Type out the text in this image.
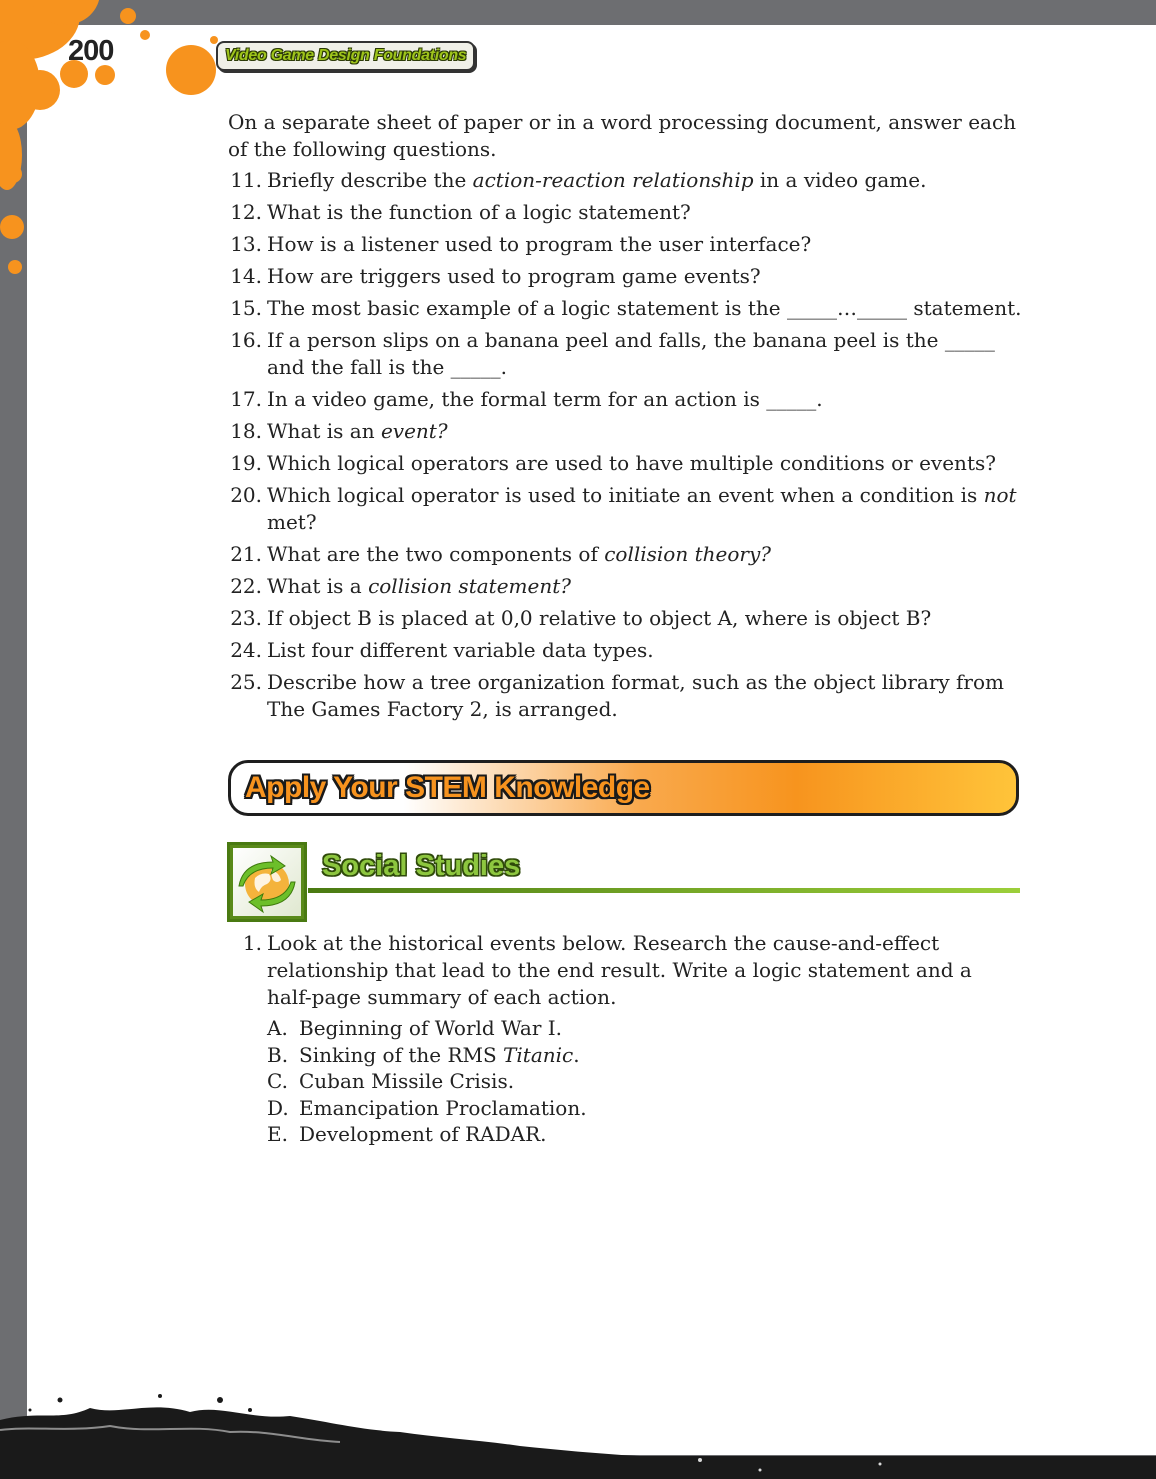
200	Video Game Design Foundations
On a separate sheet of paper or in a word processing document, answer each of the following questions.
11. Briefly describe the action-reaction relationship in a video game.
12. What is the function of a logic statement?
13. How is a listener used to program the user interface?
14. How are triggers used to program game events?
15. The most basic example of a logic statement is the _____…_____ statement.
16. If a person slips on a banana peel and falls, the banana peel is the _____ and the fall is the _____.
17. In a video game, the formal term for an action is _____.
18. What is an event?
19. Which logical operators are used to have multiple conditions or events?
20. Which logical operator is used to initiate an event when a condition is not met?
21. What are the two components of collision theory?
22. What is a collision statement?
23. If object B is placed at 0,0 relative to object A, where is object B?
24. List four different variable data types.
25. Describe how a tree organization format, such as the object library from The Games Factory 2, is arranged.
Apply Your STEM Knowledge
Social Studies
1. Look at the historical events below. Research the cause-and-effect relationship that lead to the end result. Write a logic statement and a half-page summary of each action.
A. Beginning of World War I.
B. Sinking of the RMS Titanic.
C. Cuban Missile Crisis.
D. Emancipation Proclamation.
E. Development of RADAR.
